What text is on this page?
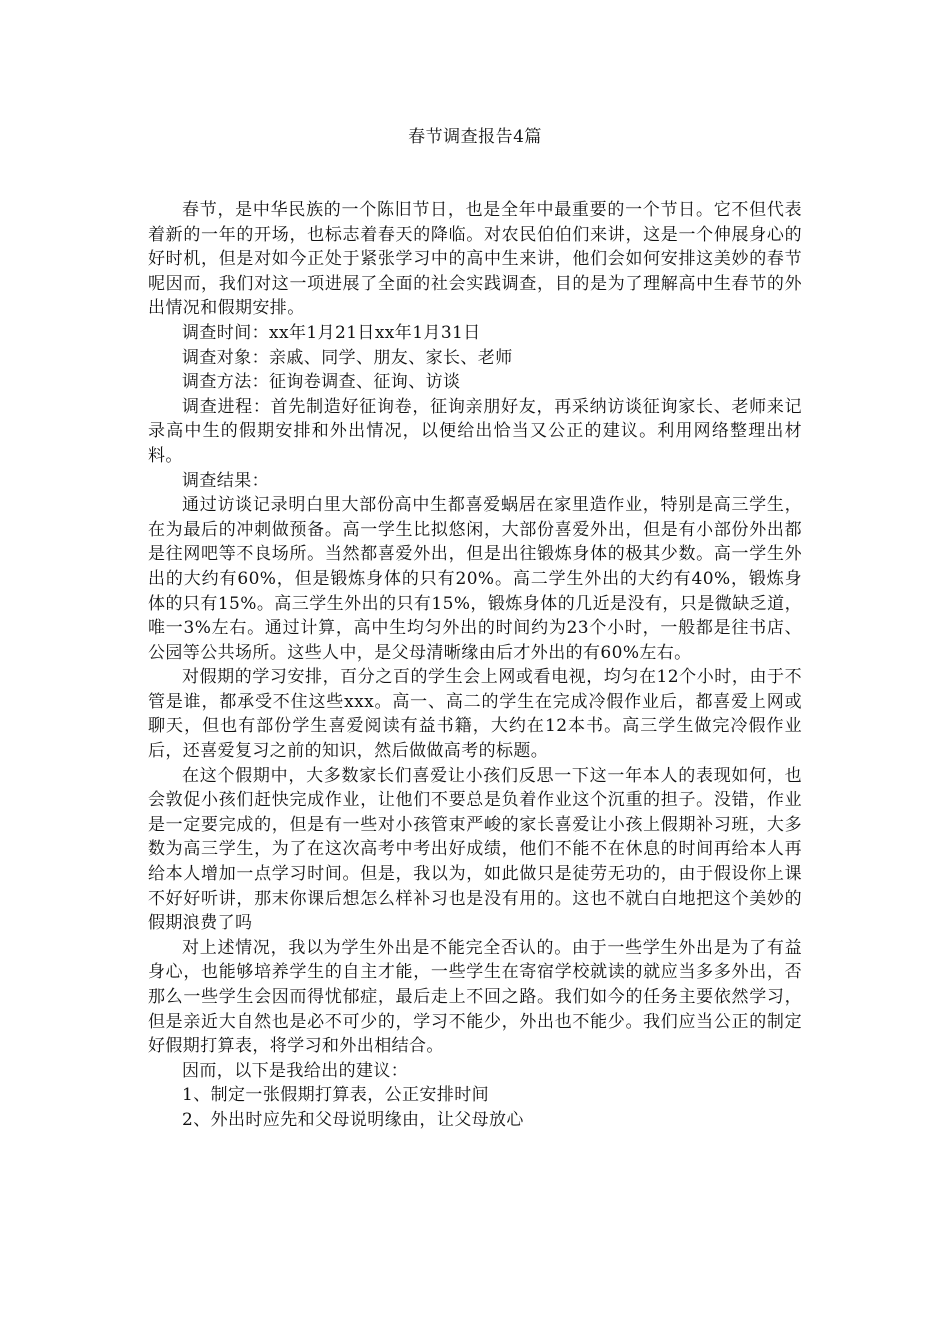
春节调查报告4篇

春节，是中华民族的一个陈旧节日，也是全年中最重要的一个节日。它不但代表着新的一年的开场，也标志着春天的降临。对农民伯伯们来讲，这是一个伸展身心的好时机，但是对如今正处于紧张学习中的高中生来讲，他们会如何安排这美妙的春节呢因而，我们对这一项进展了全面的社会实践调查，目的是为了理解高中生春节的外出情况和假期安排。

调查时间：xx年1月21日xx年1月31日

调查对象：亲戚、同学、朋友、家长、老师

调查方法：征询卷调查、征询、访谈

调查进程：首先制造好征询卷，征询亲朋好友，再采纳访谈征询家长、老师来记录高中生的假期安排和外出情况，以便给出恰当又公正的建议。利用网络整理出材料。

调查结果：

通过访谈记录明白里大部份高中生都喜爱蜗居在家里造作业，特别是高三学生，在为最后的冲刺做预备。高一学生比拟悠闲，大部份喜爱外出，但是有小部份外出都是往网吧等不良场所。当然都喜爱外出，但是出往锻炼身体的极其少数。高一学生外出的大约有60%，但是锻炼身体的只有20%。高二学生外出的大约有40%，锻炼身体的只有15%。高三学生外出的只有15%，锻炼身体的几近是没有，只是微缺乏道，唯一3%左右。通过计算，高中生均匀外出的时间约为23个小时，一般都是往书店、公园等公共场所。这些人中，是父母清晰缘由后才外出的有60%左右。

对假期的学习安排，百分之百的学生会上网或看电视，均匀在12个小时，由于不管是谁，都承受不住这些xxx。高一、高二的学生在完成冷假作业后，都喜爱上网或聊天，但也有部份学生喜爱阅读有益书籍，大约在12本书。高三学生做完冷假作业后，还喜爱复习之前的知识，然后做做高考的标题。

在这个假期中，大多数家长们喜爱让小孩们反思一下这一年本人的表现如何，也会敦促小孩们赶快完成作业，让他们不要总是负着作业这个沉重的担子。没错，作业是一定要完成的，但是有一些对小孩管束严峻的家长喜爱让小孩上假期补习班，大多数为高三学生，为了在这次高考中考出好成绩，他们不能不在休息的时间再给本人再给本人增加一点学习时间。但是，我以为，如此做只是徒劳无功的，由于假设你上课不好好听讲，那末你课后想怎么样补习也是没有用的。这也不就白白地把这个美妙的假期浪费了吗

对上述情况，我以为学生外出是不能完全否认的。由于一些学生外出是为了有益身心，也能够培养学生的自主才能，一些学生在寄宿学校就读的就应当多多外出，否那么一些学生会因而得忧郁症，最后走上不回之路。我们如今的任务主要依然学习，但是亲近大自然也是必不可少的，学习不能少，外出也不能少。我们应当公正的制定好假期打算表，将学习和外出相结合。

因而，以下是我给出的建议：

1、制定一张假期打算表，公正安排时间

2、外出时应先和父母说明缘由，让父母放心
